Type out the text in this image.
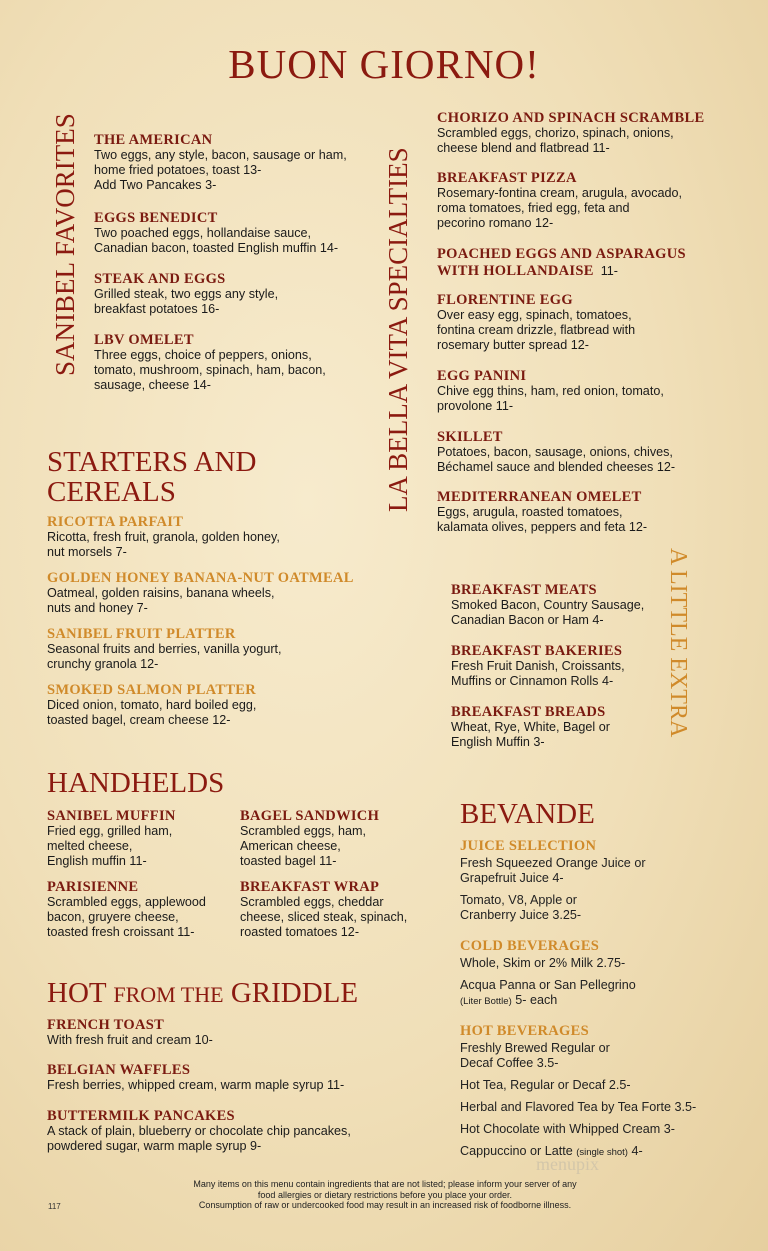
BUON GIORNO!
SANIBEL FAVORITES	LA BELLA VITA SPECIALTIES
A LITTLE EXTRA
THE AMERICAN
Two eggs, any style, bacon, sausage or ham,
home fried potatoes, toast 13-
Add Two Pancakes 3-
EGGS BENEDICT
Two poached eggs, hollandaise sauce,
Canadian bacon, toasted English muffin 14-
STEAK AND EGGS
Grilled steak, two eggs any style,
breakfast potatoes 16-
LBV OMELET
Three eggs, choice of peppers, onions,
tomato, mushroom, spinach, ham, bacon,
sausage, cheese 14-
CHORIZO AND SPINACH SCRAMBLE
Scrambled eggs, chorizo, spinach, onions,
cheese blend and flatbread 11-
BREAKFAST PIZZA
Rosemary-fontina cream, arugula, avocado,
roma tomatoes, fried egg, feta and
pecorino romano 12-
POACHED EGGS AND ASPARAGUS
WITH HOLLANDAISE 11-
FLORENTINE EGG
Over easy egg, spinach, tomatoes,
fontina cream drizzle, flatbread with
rosemary butter spread 12-
EGG PANINI
Chive egg thins, ham, red onion, tomato,
provolone 11-
SKILLET
Potatoes, bacon, sausage, onions, chives,
Béchamel sauce and blended cheeses 12-
MEDITERRANEAN OMELET
Eggs, arugula, roasted tomatoes,
kalamata olives, peppers and feta 12-
STARTERS AND
CEREALS
RICOTTA PARFAIT
Ricotta, fresh fruit, granola, golden honey,
nut morsels 7-
GOLDEN HONEY BANANA-NUT OATMEAL
Oatmeal, golden raisins, banana wheels,
nuts and honey 7-
SANIBEL FRUIT PLATTER
Seasonal fruits and berries, vanilla yogurt,
crunchy granola 12-
SMOKED SALMON PLATTER
Diced onion, tomato, hard boiled egg,
toasted bagel, cream cheese 12-
BREAKFAST MEATS
Smoked Bacon, Country Sausage,
Canadian Bacon or Ham 4-
BREAKFAST BAKERIES
Fresh Fruit Danish, Croissants,
Muffins or Cinnamon Rolls 4-
BREAKFAST BREADS
Wheat, Rye, White, Bagel or
English Muffin 3-
HANDHELDS
SANIBEL MUFFIN
Fried egg, grilled ham,
melted cheese,
English muffin 11-
BAGEL SANDWICH
Scrambled eggs, ham,
American cheese,
toasted bagel 11-
PARISIENNE
Scrambled eggs, applewood
bacon, gruyere cheese,
toasted fresh croissant 11-
BREAKFAST WRAP
Scrambled eggs, cheddar
cheese, sliced steak, spinach,
roasted tomatoes 12-
HOT FROM THE GRIDDLE
FRENCH TOAST
With fresh fruit and cream 10-
BELGIAN WAFFLES
Fresh berries, whipped cream, warm maple syrup 11-
BUTTERMILK PANCAKES
A stack of plain, blueberry or chocolate chip pancakes,
powdered sugar, warm maple syrup 9-
BEVANDE
JUICE SELECTION
Fresh Squeezed Orange Juice or
Grapefruit Juice 4-
Tomato, V8, Apple or
Cranberry Juice 3.25-
COLD BEVERAGES
Whole, Skim or 2% Milk 2.75-
Acqua Panna or San Pellegrino
(Liter Bottle) 5- each
HOT BEVERAGES
Freshly Brewed Regular or
Decaf Coffee 3.5-
Hot Tea, Regular or Decaf 2.5-
Herbal and Flavored Tea by Tea Forte 3.5-
Hot Chocolate with Whipped Cream 3-
Cappuccino or Latte (single shot) 4-
menupix
Many items on this menu contain ingredients that are not listed; please inform your server of any
food allergies or dietary restrictions before you place your order.
Consumption of raw or undercooked food may result in an increased risk of foodborne illness.
117
